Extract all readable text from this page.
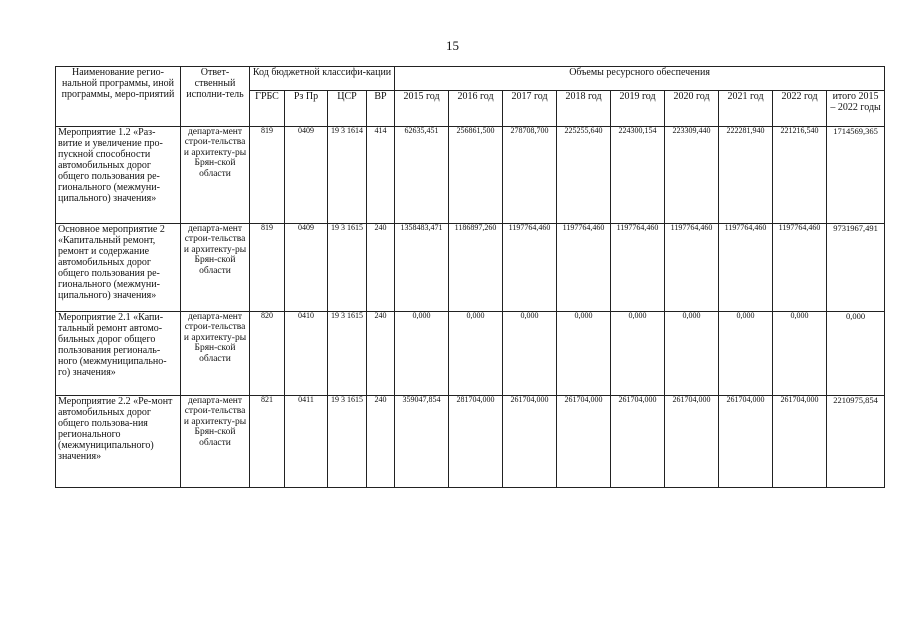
15
Наименование регио-нальной программы, иной программы, меро-приятий	Ответ-ственный исполни-тель	Код бюджетной классифи-кации				Объемы ресурсного обеспечения								
		ГРБС	Рз Пр	ЦСР	ВР	2015 год	2016 год	2017 год	2018 год	2019 год	2020 год	2021 год	2022 год	итого 2015 – 2022 годы
Мероприятие 1.2 «Раз-витие и увеличение про-пускной способности автомобильных дорог общего пользования ре-гионального (межмуни-ципального) значения»	департа-мент строи-тельства и архитекту-ры Брян-ской области	819	0409	19 3 1614	414	62635,451	256861,500	278708,700	225255,640	224300,154	223309,440	222281,940	221216,540	1714569,365
Основное мероприятие 2 «Капитальный ремонт, ремонт и содержание автомобильных дорог общего пользования ре-гионального (межмуни-ципального) значения»	департа-мент строи-тельства и архитекту-ры Брян-ской области	819	0409	19 3 1615	240	1358483,471	1186897,260	1197764,460	1197764,460	1197764,460	1197764,460	1197764,460	1197764,460	9731967,491
Мероприятие 2.1 «Капи-тальный ремонт автомо-бильных дорог общего пользования региональ-ного (межмуниципально-го) значения»	департа-мент строи-тельства и архитекту-ры Брян-ской области	820	0410	19 3 1615	240	0,000	0,000	0,000	0,000	0,000	0,000	0,000	0,000	0,000
Мероприятие 2.2 «Ре-монт автомобильных дорог общего пользова-ния регионального (межмуниципального) значения»	департа-мент строи-тельства и архитекту-ры Брян-ской области	821	0411	19 3 1615	240	359047,854	281704,000	261704,000	261704,000	261704,000	261704,000	261704,000	261704,000	2210975,854
